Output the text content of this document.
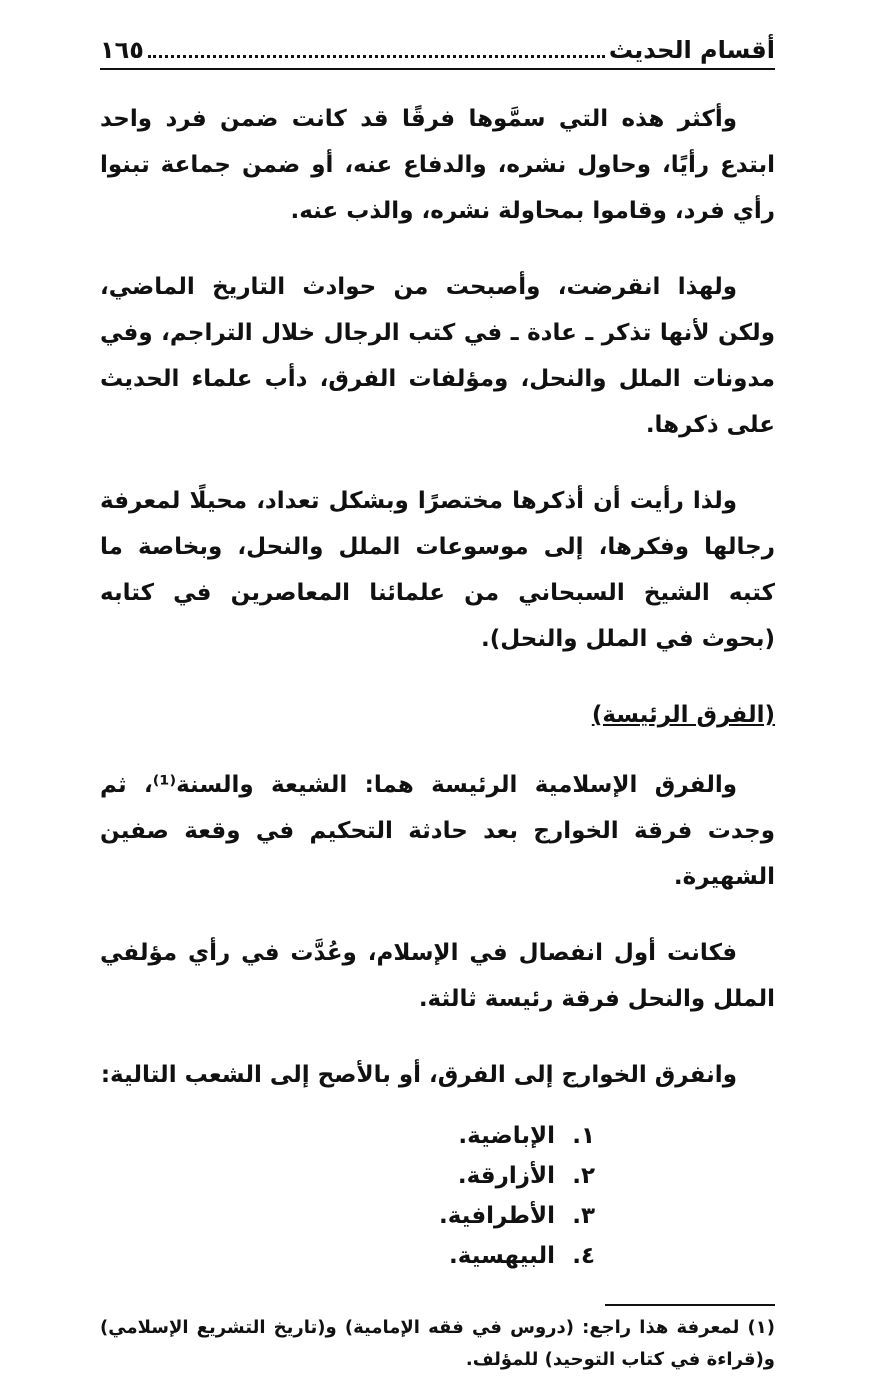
أقسام الحديث
١٦٥

وأكثر هذه التي سمَّوها فرقًا قد كانت ضمن فرد واحد ابتدع رأيًا، وحاول نشره، والدفاع عنه، أو ضمن جماعة تبنوا رأي فرد، وقاموا بمحاولة نشره، والذب عنه.

ولهذا انقرضت، وأصبحت من حوادث التاريخ الماضي، ولكن لأنها تذكر ـ عادة ـ في كتب الرجال خلال التراجم، وفي مدونات الملل والنحل، ومؤلفات الفرق، دأب علماء الحديث على ذكرها.

ولذا رأيت أن أذكرها مختصرًا وبشكل تعداد، محيلًا لمعرفة رجالها وفكرها، إلى موسوعات الملل والنحل، وبخاصة ما كتبه الشيخ السبحاني من علمائنا المعاصرين في كتابه (بحوث في الملل والنحل).

(الفرق الرئيسة)

والفرق الإسلامية الرئيسة هما: الشيعة والسنة⁽¹⁾، ثم وجدت فرقة الخوارج بعد حادثة التحكيم في وقعة صفين الشهيرة.

فكانت أول انفصال في الإسلام، وعُدَّت في رأي مؤلفي الملل والنحل فرقة رئيسة ثالثة.

وانفرق الخوارج إلى الفرق، أو بالأصح إلى الشعب التالية:

١.
الإباضية.
٢.
الأزارقة.
٣.
الأطرافية.
٤.
البيهسية.
(١) لمعرفة هذا راجع: (دروس في فقه الإمامية) و(تاريخ التشريع الإسلامي) و(قراءة في كتاب التوحيد) للمؤلف.
